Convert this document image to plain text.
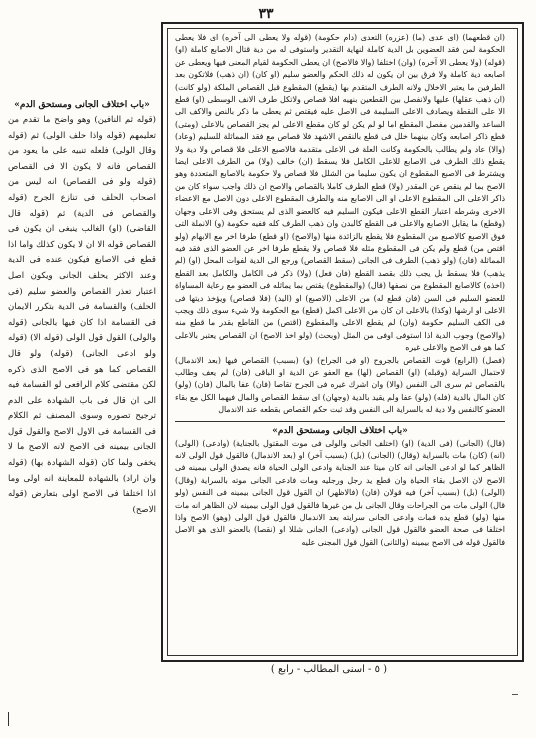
٣٣

(ان قطعهما) (اى عدى (ما) (عزره) التعدى (دام حكومة) (قوله ولا يعطى الى آخره) اى فلا يعطى الحكومة لمن فقد العضوين بل الدية كاملة لنهاية التقدير واستوفى له من دية قتال الاصابع كاملة (او) (قوله) (ولا يعطى الا آخره) (وان) اختلفا (والا فالاصح) ان يعطى الحكومة لقيام المعنى فيها ويعطى عن اصابعه دية كاملة ولا فرق بين ان يكون له ذلك الحكم والعضو سليم (او كان) (ان ذهب) فلاتكون بعد الطرفين ما يعتبر الاخلال ولانه الطرف المتقدم بها (يقطع) المقطوع قبل القصاص الملكة (ولو كانت) (ان ذهب عقلها) عليها ولانفصل بين القطعين بنهيه افلا قصاص ولاتكل طرف الانف الوسطى (او) قطع الا على النقطة ويصادف الاعلى السليمة فى الاصل عليه فيقتص ثم يعطى ما ذكر بالنص والاكف الى الساعد والقدمين مفصل المقطع اما لو لم يكن لو كان مقطع الاعلى لم يجز القصاص بالاعلى (ومتى) قطع ذاكر اصابعه وكان بينهما خلل فى قطع بالنقص الاشهد فلا قصاص مع فقد المماثلة للسليم (وعاد) (والا) عاد ولم يطالب بالحكومة وكانت العلة فى الاعلى متقدمة فالاصبع الاعلى فلا قصاص ولا دية ولا يقطع ذلك الطرف فى الاصابع للاعلى الكامل فلا يسقط (ان) خالف (ولا) من الطرف الاعلى ايضا ويشترط فى الاصبع المقطوع ان يكون سليما من الشلل فلا قصاص ولا حكومة بالاصابع المتعددة وهو الاصح بما لم ينقص عن المقدر (ولا) قطع الطرف كاملا بالقصاص والاصح ان ذلك واجب سواء كان من ذاكر الاعلى الى المقطوع الاعلى او الى الاصابع منه والطرف المقطوع الاعلى دون الاصل مع الاعضاء الاخرى وشرطه اعتبار القطع الاعلى فيكون السليم فيه كالعضو الذى لم يستحق وفى الاعلى وجهان (وقطع) ما يقابل الاصابع والاعلى فى القطع كالبدن وان ذهب الطرف كله ففيه حكومة (و) الانملة التى فوق الاصبع كالاصبع من المقطوع فلا يقطع بالزائدة منها (والاصح) (او قطع) طرفا اخر مع الابهام (ولو اقتص من) قطع ولم يكن فى المقطوع مثله فلا قصاص ولا يقطع طرفا اخر عن العضو الذى فقد فيه المماثلة (فان) (ولو ذهب) الطرف فى الجانى (سقط القصاص) ورجع الى الدية لفوات المحل (او) (لم يذهب) فلا يسقط بل يجب ذلك بقصد القطع (فان فعل) (ولا) ذكر فى الكامل والكامل بعد القطع (اخذه) كالاصابع المقطوع من نصفها (قال) (والمقطوع) يقتص بما يماثله فى العضو مع رعاية المساواة للعضو السليم فى السن (فان قطع له) من الاعلى (الاصبع) او (اليد) (فلا قصاص) ويؤخذ ديتها فى الاعلى او ارشها (وكذا) بالاعلى ان كان من الاعلى اكمل (قطع) مع الحكومة ولا شيء سوى ذلك ويجب فى الكف السليم حكومة (وان) لم يقطع الاعلى والمقطوع (اقتص) من القاطع بقدر ما قطع منه (والاصح) وجوب الدية اذا استوفى اوفى من المثل (وبحث) (ولو اخذ الاصح) ان القصاص يعتبر بالاعلى كما هو فى الاصح والاعلى غيره

(فصل) (الرابع) قوت القصاص بالجروح (او فى الجراح) (و) (بسبب) القصاص فيها (بعد الاندمال) لاحتمال السراية (وقبله) (او) القصاص (لها) مع العفو عن الدية او الباقى (فان) لم يعف وطالب بالقصاص ثم سرى الى النفس (والا) وان اشرك غيره فى الجرح تقاصا (فان) عفا بالمال (فان) (ولو) كان المال بالدية (فله) (ولو) عفا ولم يقيد بالدية (وجهان) اى سقط القصاص والمال فيهما الكل مع بقاء العضو كالنفس ولا دية له بالسراية الى النفس وقد ثبت حكم القصاص بقطعه عند الاندمال

«باب اختلاف الجانى ومستحق الدم»

(قال) (الجانى) (فى الدية) (او) (اختلف الجانى والولى فى موت المقتول بالجناية) (وادعى) (الولى) (انه) (كان) مات بالسراية (وقال) (الجانى) (بل) (بسبب آخر) او (بعد الاندمال) فالقول قول الولى لانه الظاهر كما لو ادعى الجانى انه كان ميتا عند الجناية وادعى الولى الحياة فانه يصدق الولى بيمينه فى الاصح لان الاصل بقاء الحياة وان قطع يد رجل ورجليه ومات فادعى الجانى موته بالسراية (وقال) (الولى) (بل) (بسبب آخر) فيه قولان (فان) (فالاظهر) ان القول قول الجانى بيمينه فى النفس (ولو قال) الولى مات من الجراحات وقال الجانى بل من غيرها فالقول قول الولى بيمينه لان الظاهر انه مات منها (ولو) قطع يده فمات وادعى الجانى سرايته بعد الاندمال فالقول قول الولى (وهو) الاصح واذا اختلفا فى صحة العضو فالقول قول الجانى (وادعى) الجانى شللا او (نقصا) بالعضو الذى هو الاصل فالقول قوله فى الاصح بيمينه (والثانى) القول قول المجنى عليه

«باب اختلاف الجانى ومستحق الدم»
(قوله ثم النافين) وهو واضح ما تقدم من تعليمهم (قوله واذا حلف الولى) ثم (قوله وقال الولى) فلعله تنبيه على ما يعود من القصاص فانه لا يكون الا فى القصاص (قوله ولو فى القصاص) انه ليس من اصحاب الحلف فى تنازع الجرح (قوله والقصاص فى الدية) ثم (قوله قال القاضى) (او) الغالب ينبغى ان يكون فى القصاص قوله الا ان لا يكون كذلك واما اذا قطع فى الاصابع فيكون عنده فى الدية وعند الاكثر يحلف الجانى ويكون اصل اعتبار تعذر القصاص والعضو سليم (فى الحلف) والقسامة فى الدية بتكرر الايمان فى القسامة اذا كان فيها بالجانى (قوله والولى) القول قول الولى (قوله الا) (قوله ولو ادعى الجانى) (قوله) ولو قال القصاص كما هو فى الاصح الذى ذكره لكن مقتضى كلام الرافعى لو القسامة فيه الى ان قال فى باب الشهادة على الدم ترجيح تصوره وسوى المصنف ثم الكلام فى القسامة فى الاول الاصح والقول قول الجانى بيمينه فى الاصح لانه الاصح ما لا يخفى ولما كان (قوله الشهادة بها) (قوله وان اراد) بالشهادة للمعاينة انه اولى وما اذا اختلفا فى الاصح اولى بتعارض (قوله الاصح)
( ٥ - اسنى المطالب - رابع )
